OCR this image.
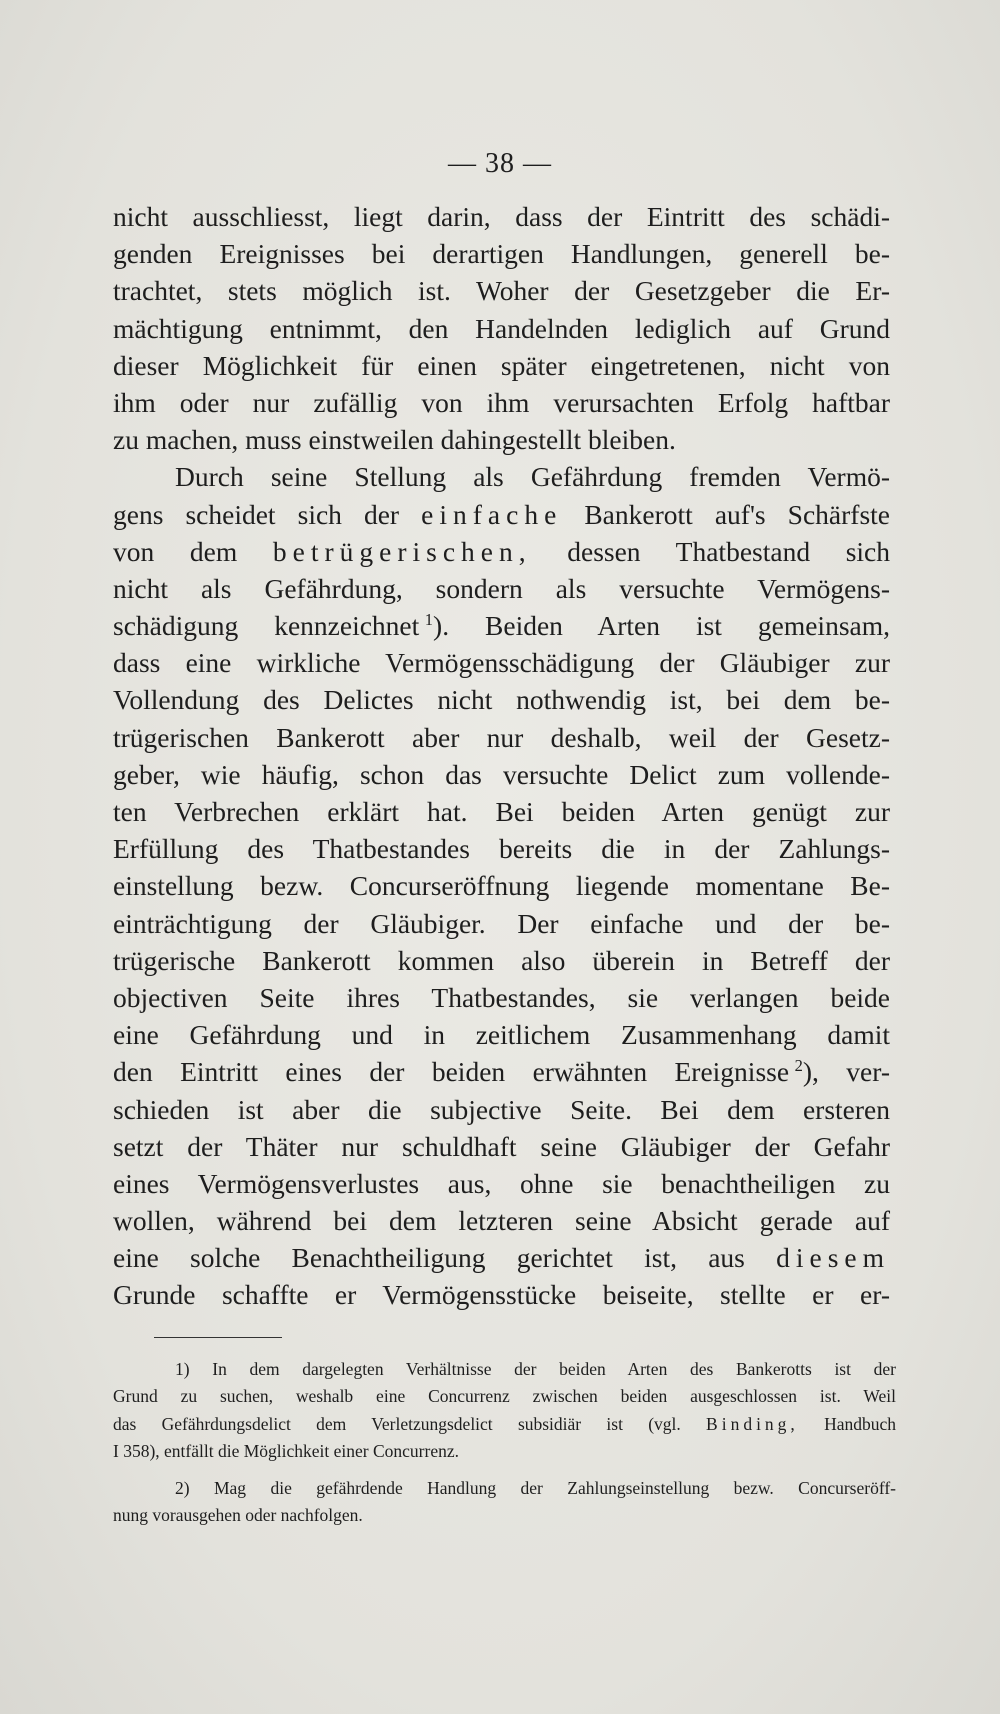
— 38 —
nicht ausschliesst, liegt darin, dass der Eintritt des schädi-
genden Ereignisses bei derartigen Handlungen, generell be-
trachtet, stets möglich ist. Woher der Gesetzgeber die Er-
mächtigung entnimmt, den Handelnden lediglich auf Grund
dieser Möglichkeit für einen später eingetretenen, nicht von
ihm oder nur zufällig von ihm verursachten Erfolg haftbar
zu machen, muss einstweilen dahingestellt bleiben.
Durch seine Stellung als Gefährdung fremden Vermö-
gens scheidet sich der einfache Bankerott auf's Schärfste
von dem betrügerischen, dessen Thatbestand sich
nicht als Gefährdung, sondern als versuchte Vermögens-
schädigung kennzeichnet  $^1$). Beiden Arten ist gemeinsam,
dass eine wirkliche Vermögensschädigung der Gläubiger zur
Vollendung des Delictes nicht nothwendig ist, bei dem be-
trügerischen Bankerott aber nur deshalb, weil der Gesetz-
geber, wie häufig, schon das versuchte Delict zum vollende-
ten Verbrechen erklärt hat. Bei beiden Arten genügt zur
Erfüllung des Thatbestandes bereits die in der Zahlungs-
einstellung bezw. Concurseröffnung liegende momentane Be-
einträchtigung der Gläubiger. Der einfache und der be-
trügerische Bankerott kommen also überein in Betreff der
objectiven Seite ihres Thatbestandes, sie verlangen beide
eine Gefährdung und in zeitlichem Zusammenhang damit
den Eintritt eines der beiden erwähnten Ereignisse  $^2$), ver-
schieden ist aber die subjective Seite. Bei dem ersteren
setzt der Thäter nur schuldhaft seine Gläubiger der Gefahr
eines Vermögensverlustes aus, ohne sie benachtheiligen zu
wollen, während bei dem letzteren seine Absicht gerade auf
eine solche Benachtheiligung gerichtet ist, aus diesem
Grunde schaffte er Vermögensstücke beiseite, stellte er er-
1) In dem dargelegten Verhältnisse der beiden Arten des Bankerotts ist der
Grund zu suchen, weshalb eine Concurrenz zwischen beiden ausgeschlossen ist. Weil
das Gefährdungsdelict dem Verletzungsdelict subsidiär ist (vgl. Binding, Handbuch
I 358), entfällt die Möglichkeit einer Concurrenz.
2) Mag die gefährdende Handlung der Zahlungseinstellung bezw. Concurseröff-
nung vorausgehen oder nachfolgen.
